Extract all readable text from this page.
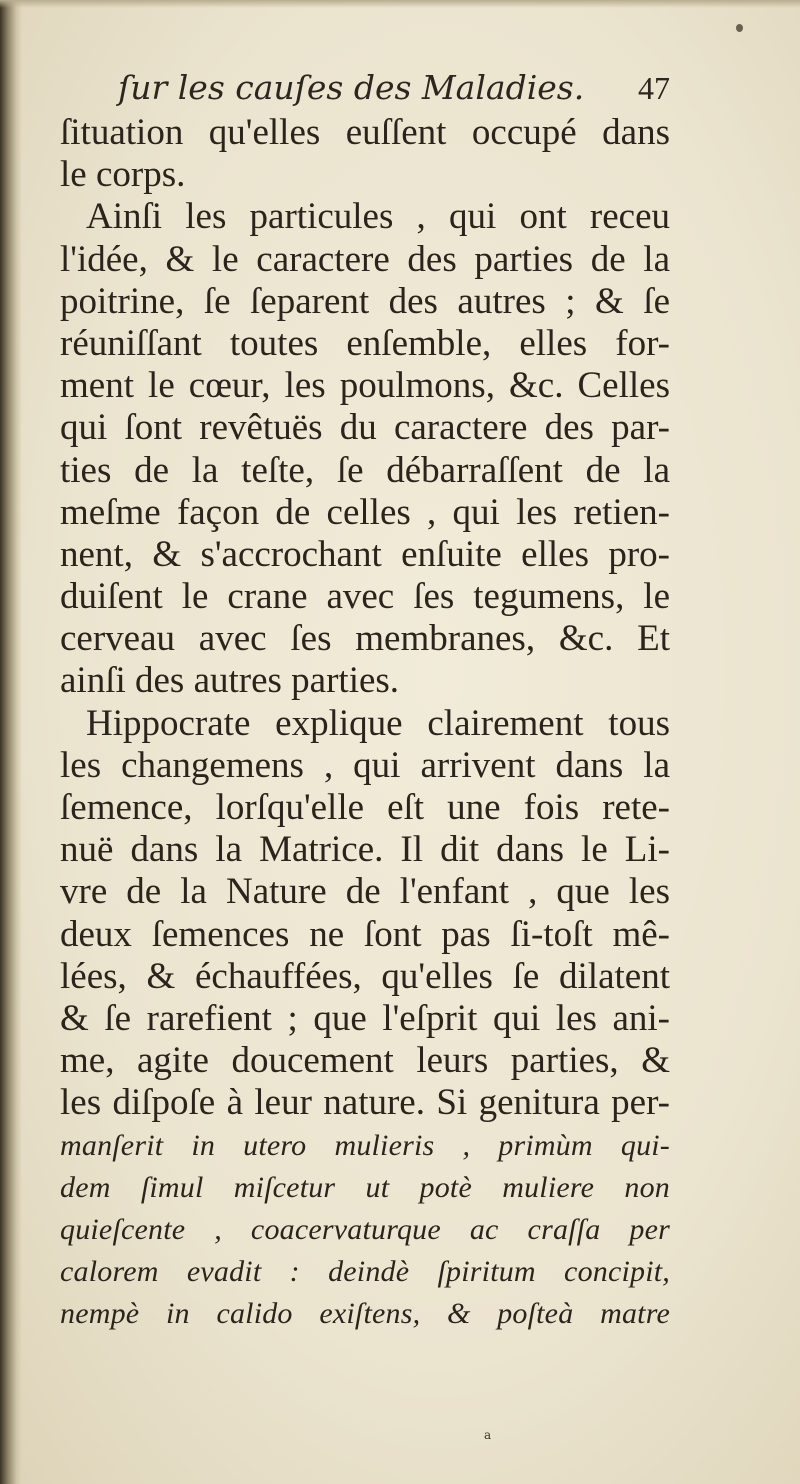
ſur les cauſes des Maladies. 47
ſituation qu'elles euſſent occupé dans
le corps.
Ainſi les particules , qui ont receu
l'idée, & le caractere des parties de la
poitrine, ſe ſeparent des autres ; & ſe
réuniſſant toutes enſemble, elles for-
ment le cœur, les poulmons, &c. Celles
qui ſont revêtuës du caractere des par-
ties de la teſte, ſe débarraſſent de la
meſme façon de celles , qui les retien-
nent, & s'accrochant enſuite elles pro-
duiſent le crane avec ſes tegumens, le
cerveau avec ſes membranes, &c. Et
ainſi des autres parties.
Hippocrate explique clairement tous
les changemens , qui arrivent dans la
ſemence, lorſqu'elle eſt une fois rete-
nuë dans la Matrice. Il dit dans le Li-
vre de la Nature de l'enfant , que les
deux ſemences ne ſont pas ſi-toſt mê-
lées, & échauffées, qu'elles ſe dilatent
& ſe rarefient ; que l'eſprit qui les ani-
me, agite doucement leurs parties, &
les diſpoſe à leur nature. Si genitura per-
manſerit in utero mulieris , primùm qui-
dem ſimul miſcetur ut potè muliere non
quieſcente , coacervaturque ac craſſa per
calorem evadit : deindè ſpiritum concipit,
nempè in calido exiſtens, & poſteà matre
a
